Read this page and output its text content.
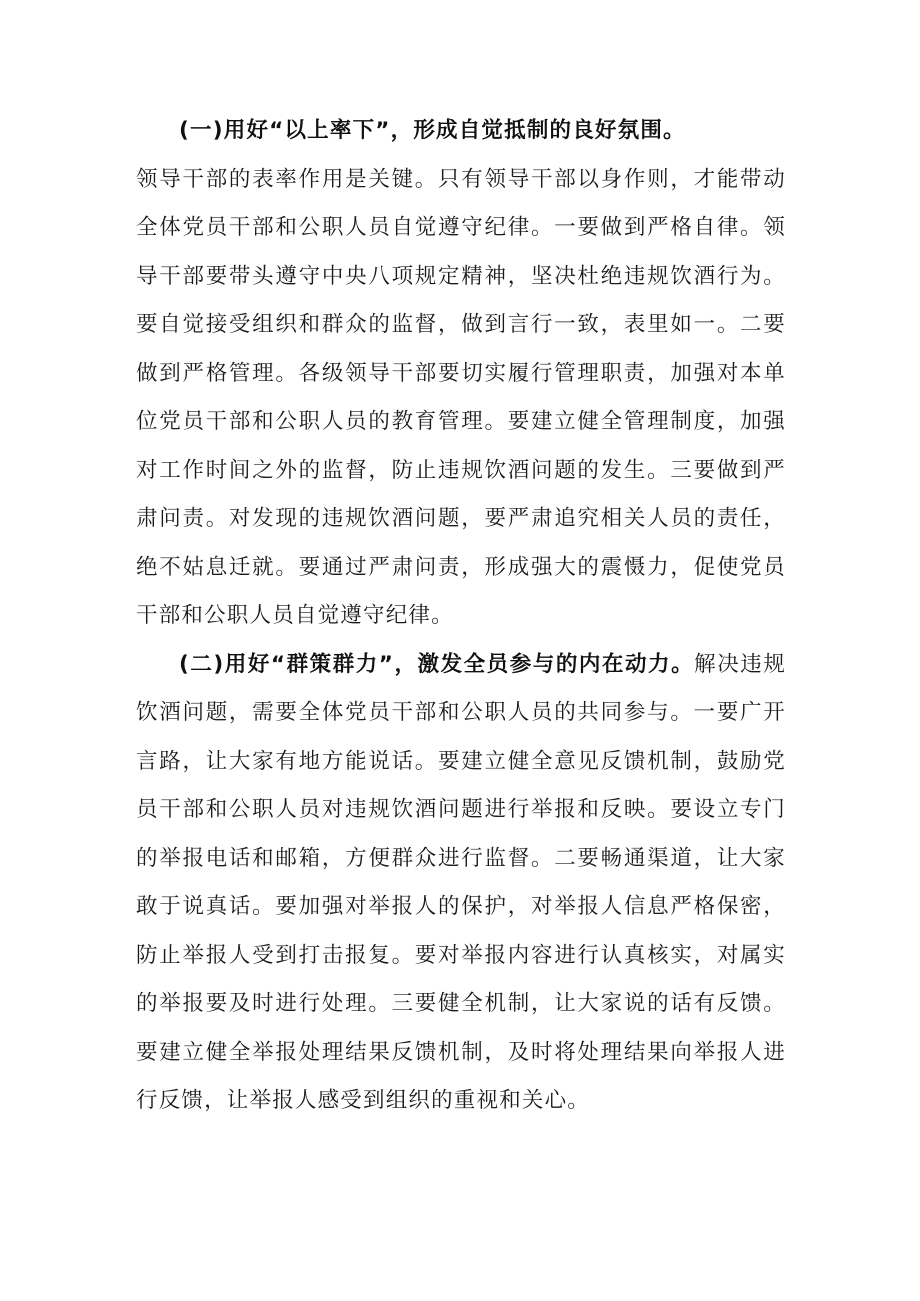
(一)用好“以上率下”，形成自觉抵制的良好氛围。

领导干部的表率作用是关键。只有领导干部以身作则，才能带动全体党员干部和公职人员自觉遵守纪律。一要做到严格自律。领导干部要带头遵守中央八项规定精神，坚决杜绝违规饮酒行为。要自觉接受组织和群众的监督，做到言行一致，表里如一。二要做到严格管理。各级领导干部要切实履行管理职责，加强对本单位党员干部和公职人员的教育管理。要建立健全管理制度，加强对工作时间之外的监督，防止违规饮酒问题的发生。三要做到严肃问责。对发现的违规饮酒问题，要严肃追究相关人员的责任，绝不姑息迁就。要通过严肃问责，形成强大的震慑力，促使党员干部和公职人员自觉遵守纪律。

(二)用好“群策群力”，激发全员参与的内在动力。解决违规饮酒问题，需要全体党员干部和公职人员的共同参与。一要广开言路，让大家有地方能说话。要建立健全意见反馈机制，鼓励党员干部和公职人员对违规饮酒问题进行举报和反映。要设立专门的举报电话和邮箱，方便群众进行监督。二要畅通渠道，让大家敢于说真话。要加强对举报人的保护，对举报人信息严格保密，防止举报人受到打击报复。要对举报内容进行认真核实，对属实的举报要及时进行处理。三要健全机制，让大家说的话有反馈。要建立健全举报处理结果反馈机制，及时将处理结果向举报人进行反馈，让举报人感受到组织的重视和关心。
